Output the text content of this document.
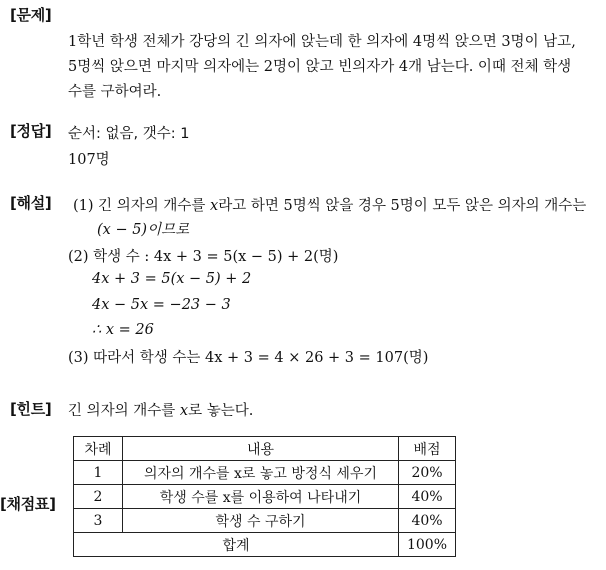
[문제]
1학년 학생 전체가 강당의 긴 의자에 앉는데 한 의자에 4명씩 앉으면 3명이 남고,
5명씩 앉으면 마지막 의자에는 2명이 앉고 빈의자가 4개 남는다. 이때 전체 학생
수를 구하여라.
[정답] 순서: 없음, 갯수: 1
107명
[해설] (1) 긴 의자의 개수를 x라고 하면 5명씩 앉을 경우 5명이 모두 앉은 의자의 개수는
(x − 5)이므로
(2) 학생 수 : 4x + 3 = 5(x − 5) + 2(명)
4x + 3 = 5(x − 5) + 2
4x − 5x = −23 − 3
∴ x = 26
(3) 따라서 학생 수는 4x + 3 = 4 × 26 + 3 = 107(명)
[힌트] 긴 의자의 개수를 x로 놓는다.
[채점표]
차례	내용	배점
1	의자의 개수를 x로 놓고 방정식 세우기	20%
2	학생 수를 x를 이용하여 나타내기	40%
3	학생 수 구하기	40%
합계		100%
